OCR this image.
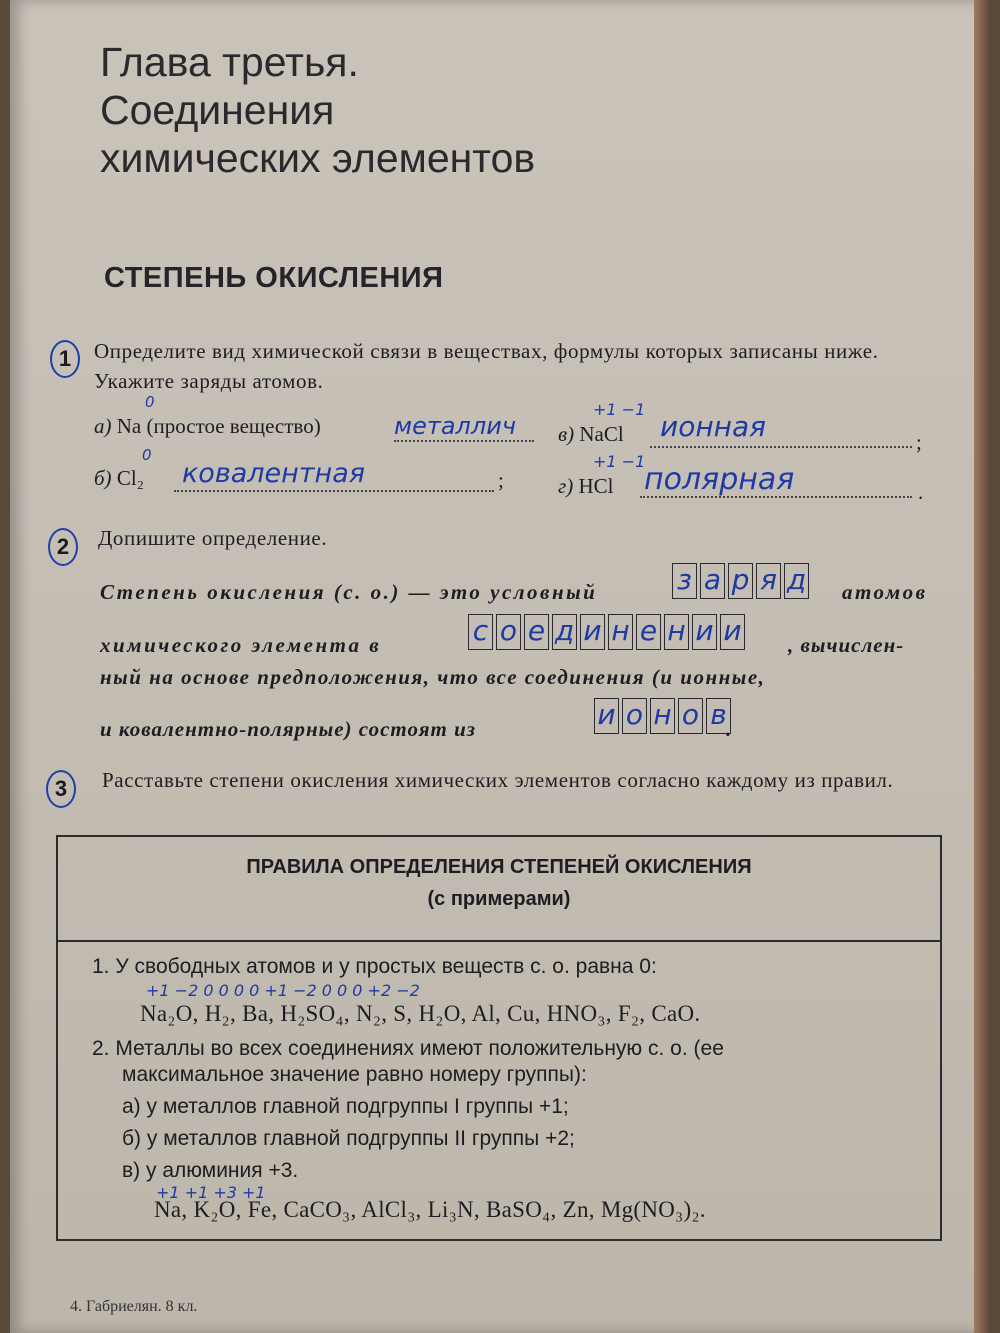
Глава третья.
Соединения
химических элементов
СТЕПЕНЬ ОКИСЛЕНИЯ
1	Определите вид химической связи в веществах, формулы которых записаны ниже. Укажите заряды атомов.
а) Na (простое вещество)
0
металлич
б) Cl₂
0
ковалентная	;
в) NaCl
+1 −1
ионная	;
г) HCl
+1 −1
полярная	.
2	Допишите определение.
Степень окисления (с. о.) — это условный	з а р я д атомов
химического элемента в	с о е д и н е н и и , вычислен-
ный на основе предположения, что все соединения (и ионные,
и ковалентно-полярные) состоят из	и о н о в .
3	Расставьте степени окисления химических элементов согласно каждому из правил.
ПРАВИЛА ОПРЕДЕЛЕНИЯ СТЕПЕНЕЙ ОКИСЛЕНИЯ
(с примерами)
1. У свободных атомов и у простых веществ с. о. равна 0:
+1 −2 0 0 0 0 +1 −2 0 0 0 +2 −2
Na₂O, H₂, Ba, H₂SO₄, N₂, S, H₂O, Al, Cu, HNO₃, F₂, CaO.
2. Металлы во всех соединениях имеют положительную с. о. (ее
максимальное значение равно номеру группы):
а) у металлов главной подгруппы I группы +1;
б) у металлов главной подгруппы II группы +2;
в) у алюминия +3.
+1 +1 +3 +1
Na, K₂O, Fe, CaCO₃, AlCl₃, Li₃N, BaSO₄, Zn, Mg(NO₃)₂.
4. Габриелян. 8 кл.
